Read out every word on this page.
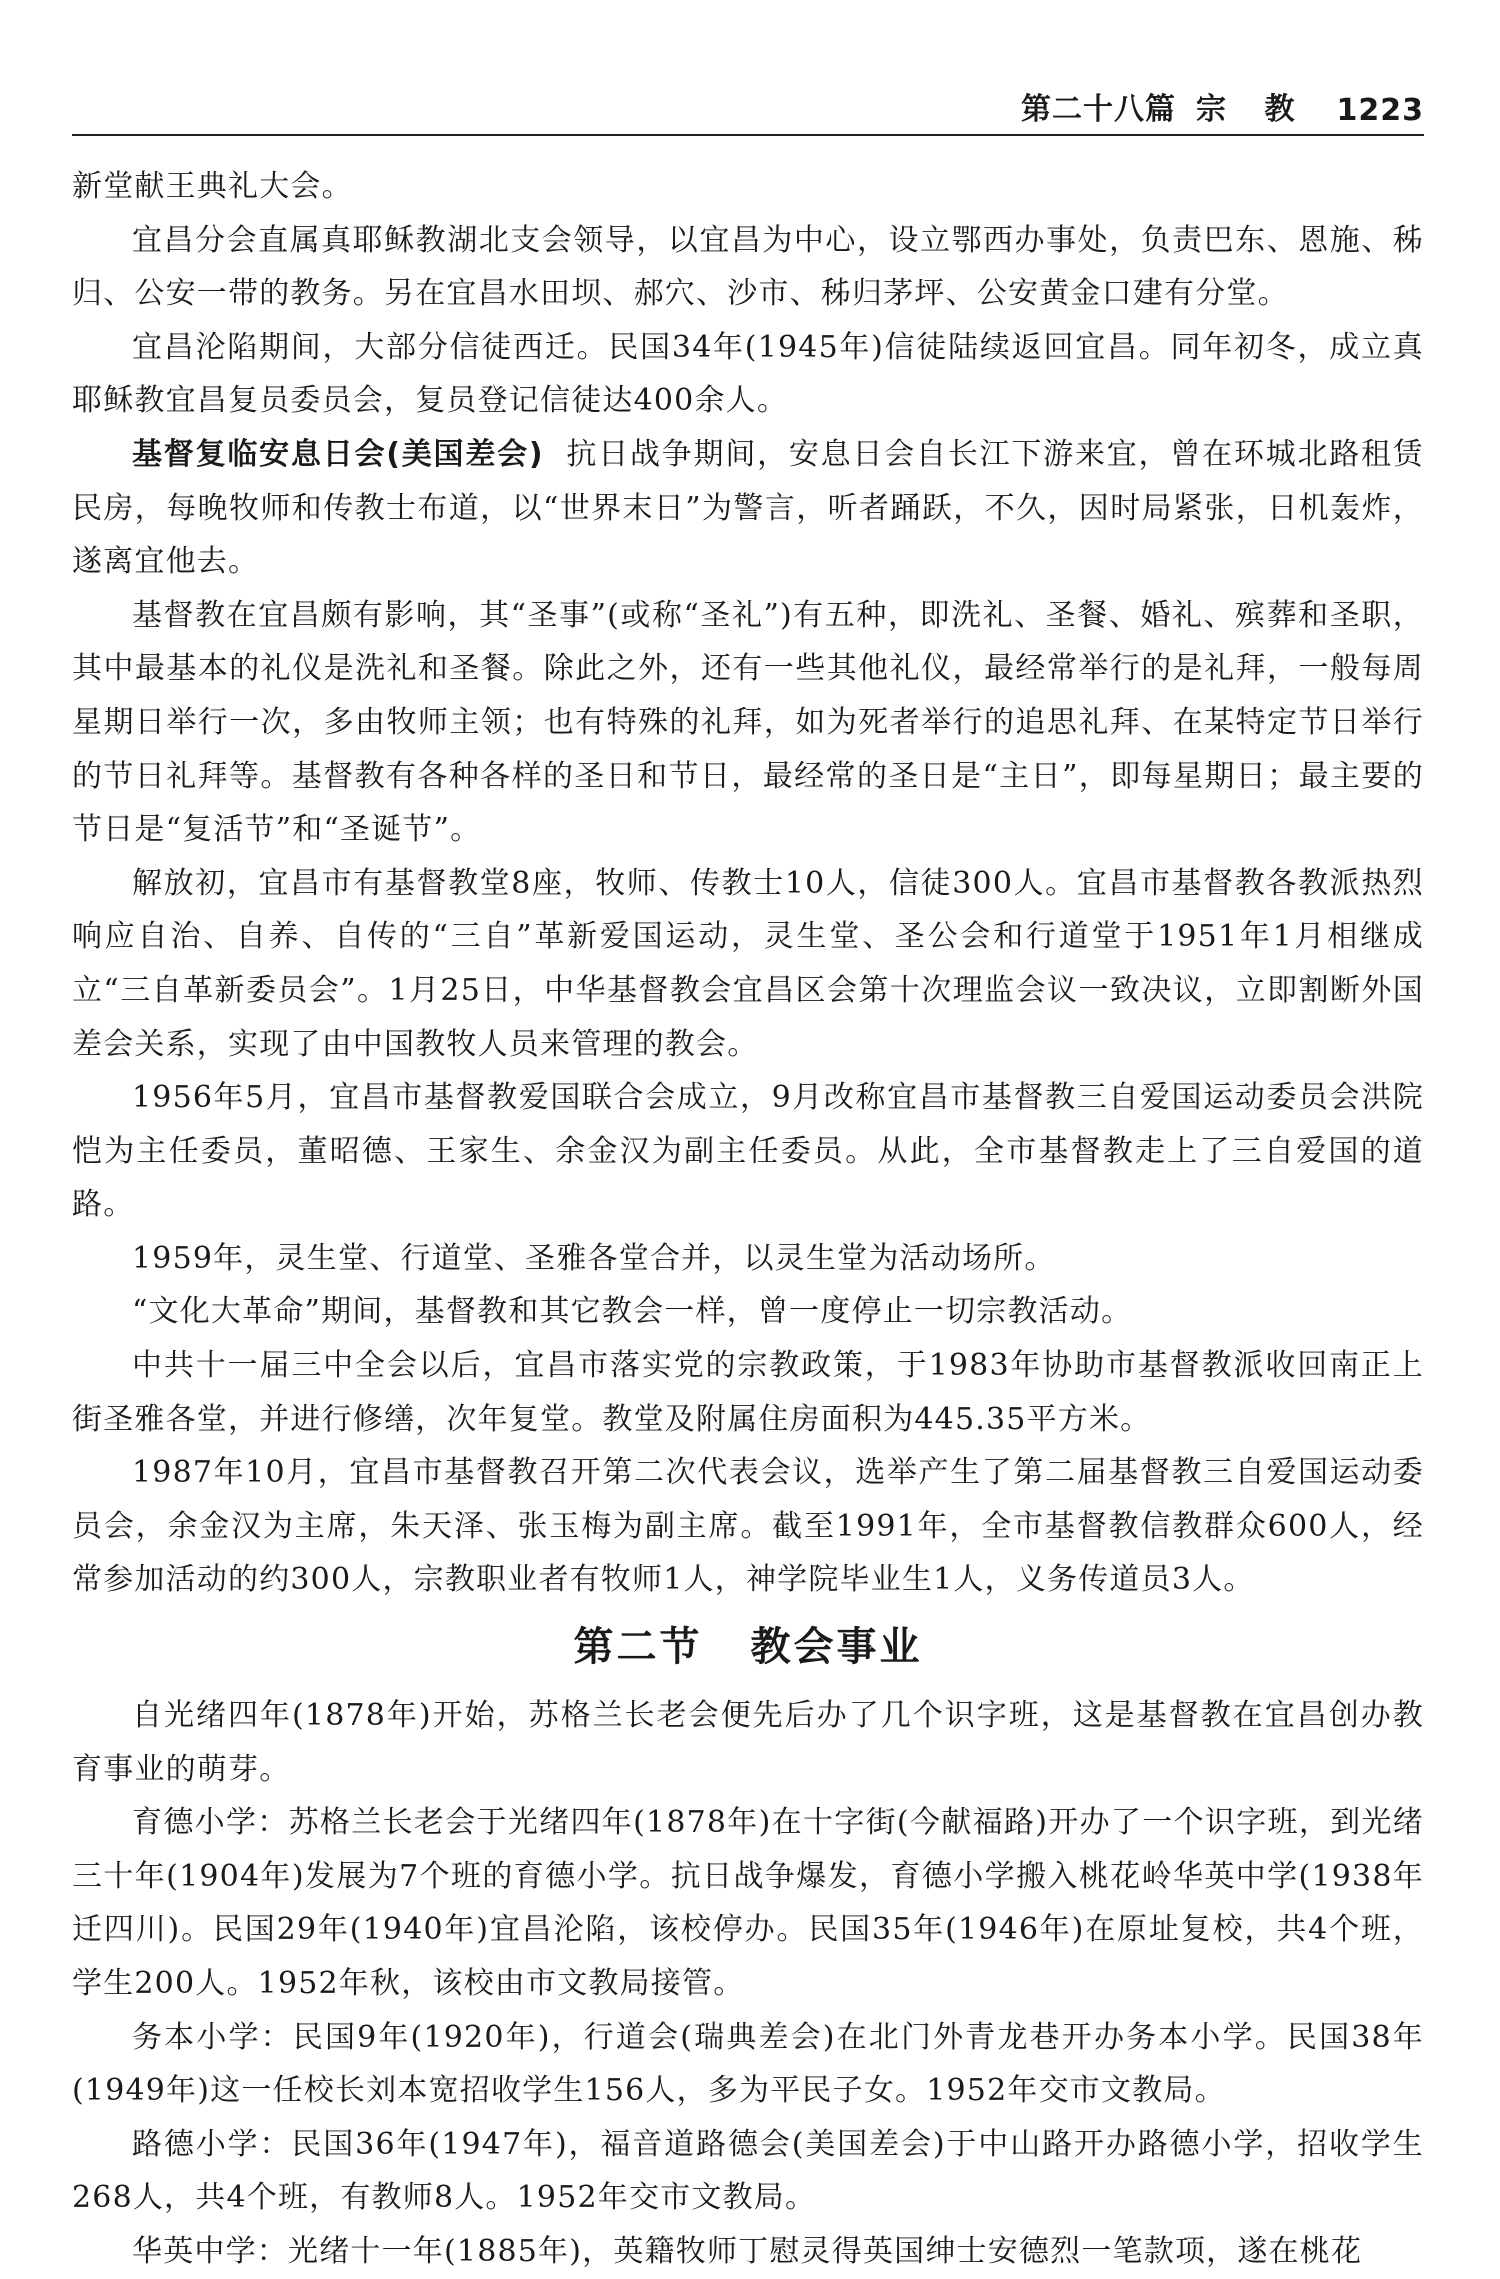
第二十八篇 宗 教 1223

新堂献王典礼大会。

宜昌分会直属真耶稣教湖北支会领导，以宜昌为中心，设立鄂西办事处，负责巴东、恩施、秭归、公安一带的教务。另在宜昌水田坝、郝穴、沙市、秭归茅坪、公安黄金口建有分堂。

宜昌沦陷期间，大部分信徒西迁。民国34年(1945年)信徒陆续返回宜昌。同年初冬，成立真耶稣教宜昌复员委员会，复员登记信徒达400余人。

基督复临安息日会(美国差会) 抗日战争期间，安息日会自长江下游来宜，曾在环城北路租赁民房，每晚牧师和传教士布道，以“世界末日”为警言，听者踊跃，不久，因时局紧张，日机轰炸，遂离宜他去。

基督教在宜昌颇有影响，其“圣事”(或称“圣礼”)有五种，即洗礼、圣餐、婚礼、殡葬和圣职，其中最基本的礼仪是洗礼和圣餐。除此之外，还有一些其他礼仪，最经常举行的是礼拜，一般每周星期日举行一次，多由牧师主领；也有特殊的礼拜，如为死者举行的追思礼拜、在某特定节日举行的节日礼拜等。基督教有各种各样的圣日和节日，最经常的圣日是“主日”，即每星期日；最主要的节日是“复活节”和“圣诞节”。

解放初，宜昌市有基督教堂8座，牧师、传教士10人，信徒300人。宜昌市基督教各教派热烈响应自治、自养、自传的“三自”革新爱国运动，灵生堂、圣公会和行道堂于1951年1月相继成立“三自革新委员会”。1月25日，中华基督教会宜昌区会第十次理监会议一致决议，立即割断外国差会关系，实现了由中国教牧人员来管理的教会。

1956年5月，宜昌市基督教爱国联合会成立，9月改称宜昌市基督教三自爱国运动委员会洪院恺为主任委员，董昭德、王家生、余金汉为副主任委员。从此，全市基督教走上了三自爱国的道路。

1959年，灵生堂、行道堂、圣雅各堂合并，以灵生堂为活动场所。

“文化大革命”期间，基督教和其它教会一样，曾一度停止一切宗教活动。

中共十一届三中全会以后，宜昌市落实党的宗教政策，于1983年协助市基督教派收回南正上街圣雅各堂，并进行修缮，次年复堂。教堂及附属住房面积为445.35平方米。

1987年10月，宜昌市基督教召开第二次代表会议，选举产生了第二届基督教三自爱国运动委员会，余金汉为主席，朱天泽、张玉梅为副主席。截至1991年，全市基督教信教群众600人，经常参加活动的约300人，宗教职业者有牧师1人，神学院毕业生1人，义务传道员3人。

第二节 教会事业

自光绪四年(1878年)开始，苏格兰长老会便先后办了几个识字班，这是基督教在宜昌创办教育事业的萌芽。

育德小学：苏格兰长老会于光绪四年(1878年)在十字街(今献福路)开办了一个识字班，到光绪三十年(1904年)发展为7个班的育德小学。抗日战争爆发，育德小学搬入桃花岭华英中学(1938年迁四川)。民国29年(1940年)宜昌沦陷，该校停办。民国35年(1946年)在原址复校，共4个班，学生200人。1952年秋，该校由市文教局接管。

务本小学：民国9年(1920年)，行道会(瑞典差会)在北门外青龙巷开办务本小学。民国38年(1949年)这一任校长刘本宽招收学生156人，多为平民子女。1952年交市文教局。

路德小学：民国36年(1947年)，福音道路德会(美国差会)于中山路开办路德小学，招收学生268人，共4个班，有教师8人。1952年交市文教局。

华英中学：光绪十一年(1885年)，英籍牧师丁慰灵得英国绅士安德烈一笔款项，遂在桃花
